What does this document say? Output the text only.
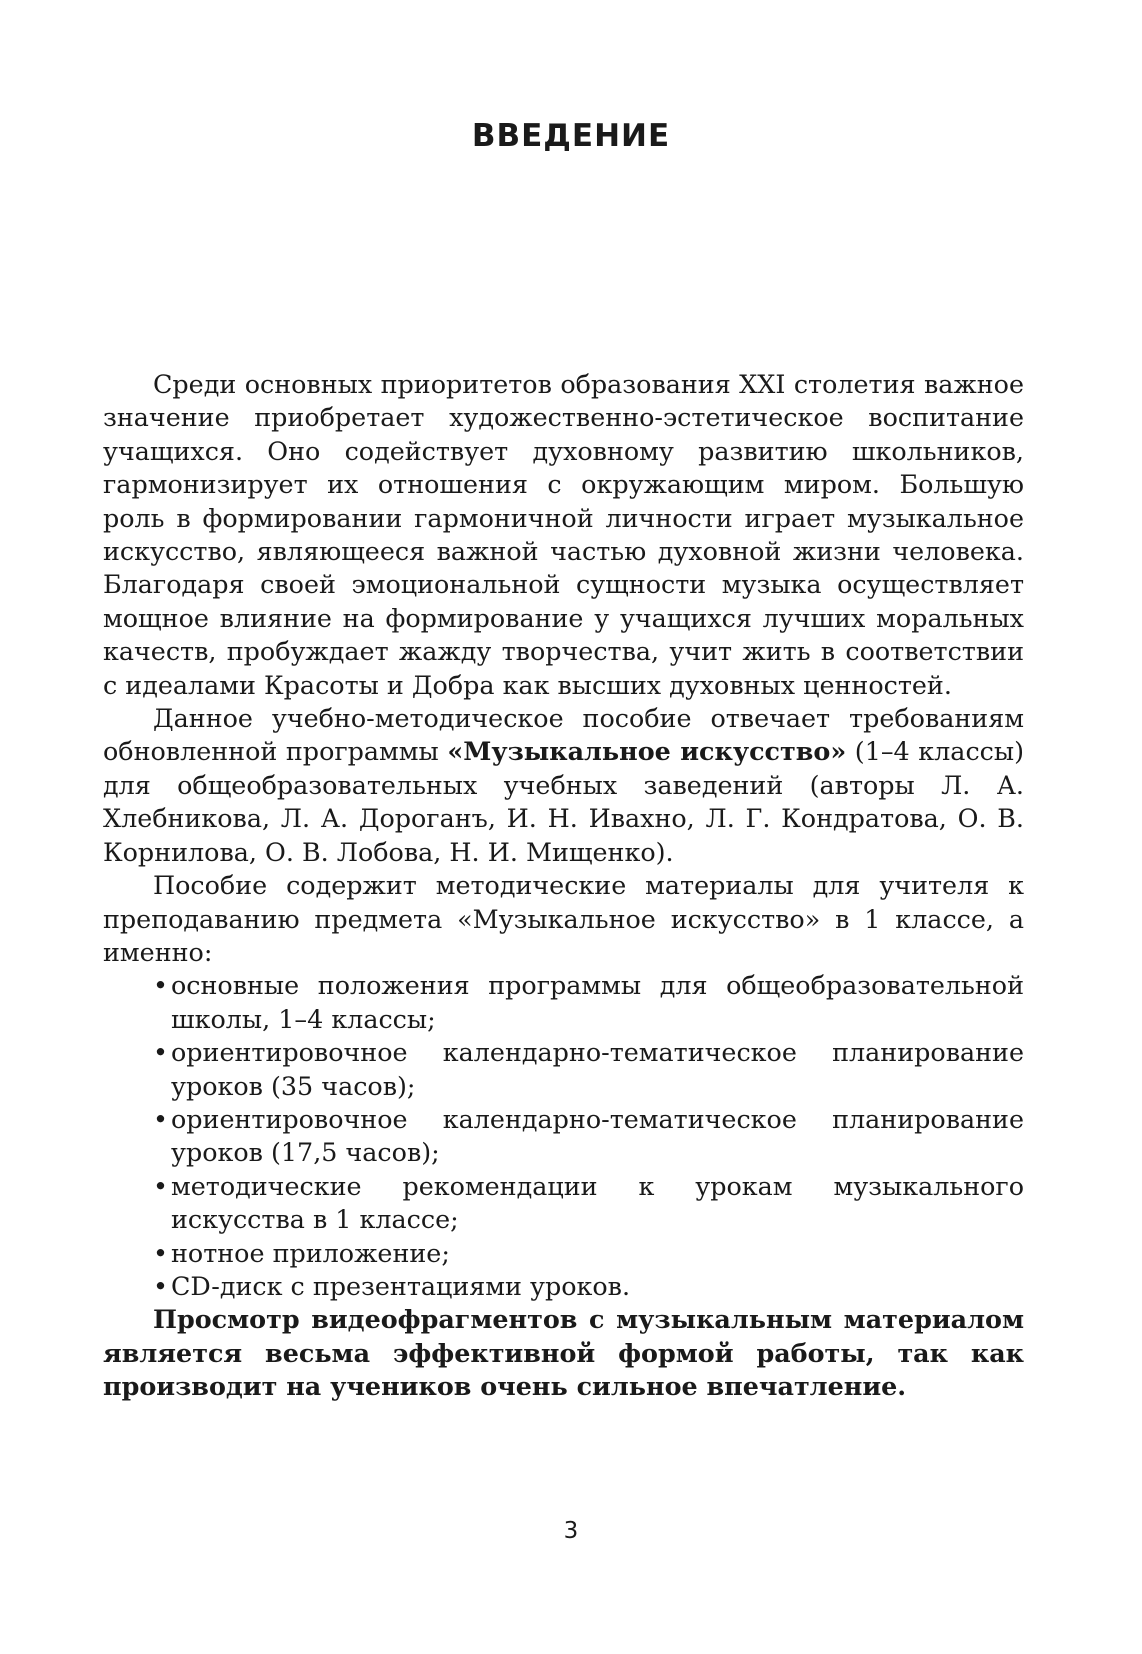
ВВЕДЕНИЕ

Среди основных приоритетов образования XXI столетия важное значение приобретает художественно-эстетическое воспитание учащихся. Оно содействует духовному развитию школьников, гармонизирует их отношения с окружающим миром. Большую роль в формировании гармоничной личности играет музыкальное искусство, являющееся важной частью духовной жизни человека. Благодаря своей эмоциональной сущности музыка осуществляет мощное влияние на формирование у учащихся лучших моральных качеств, пробуждает жажду творчества, учит жить в соответствии с идеалами Красоты и Добра как высших духовных ценностей.

Данное учебно-методическое пособие отвечает требованиям обновленной программы «Музыкальное искусство» (1–4 классы) для общеобразовательных учебных заведений (авторы Л. А. Хлебникова, Л. А. Дороганъ, И. Н. Ивахно, Л. Г. Кондратова, О. В. Корнилова, О. В. Лобова, Н. И. Мищенко).

Пособие содержит методические материалы для учителя к преподаванию предмета «Музыкальное искусство» в 1 классе, а именно:

• основные положения программы для общеобразовательной школы, 1–4 классы;
• ориентировочное календарно-тематическое планирование уроков (35 часов);
• ориентировочное календарно-тематическое планирование уроков (17,5 часов);
• методические рекомендации к урокам музыкального искусства в 1 классе;
• нотное приложение;
• CD-диск с презентациями уроков.

Просмотр видеофрагментов с музыкальным материалом является весьма эффективной формой работы, так как производит на учеников очень сильное впечатление.

3
